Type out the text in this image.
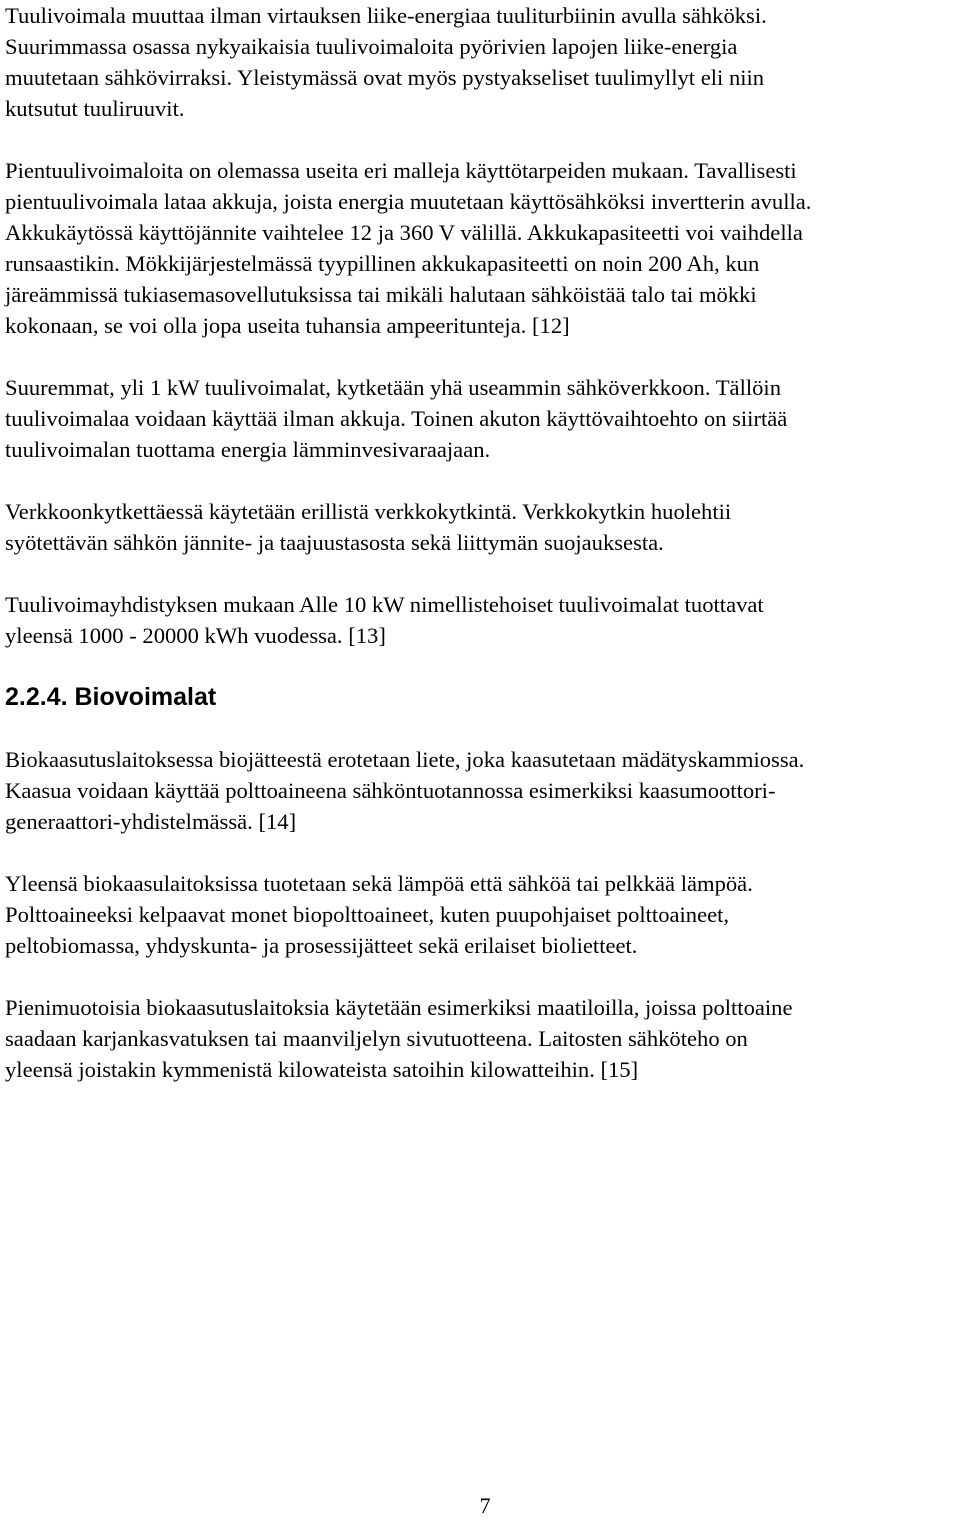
Tuulivoimala muuttaa ilman virtauksen liike-energiaa tuuliturbiinin avulla sähköksi.
Suurimmassa osassa nykyaikaisia tuulivoimaloita pyörivien lapojen liike-energia
muutetaan sähkövirraksi. Yleistymässä ovat myös pystyakseliset tuulimyllyt eli niin
kutsutut tuuliruuvit.
Pientuulivoimaloita on olemassa useita eri malleja käyttötarpeiden mukaan. Tavallisesti
pientuulivoimala lataa akkuja, joista energia muutetaan käyttösähköksi invertterin avulla.
Akkukäytössä käyttöjännite vaihtelee 12 ja 360 V välillä. Akkukapasiteetti voi vaihdella
runsaastikin. Mökkijärjestelmässä tyypillinen akkukapasiteetti on noin 200 Ah, kun
järeämmissä tukiasemasovellutuksissa tai mikäli halutaan sähköistää talo tai mökki
kokonaan, se voi olla jopa useita tuhansia ampeeritunteja. [12]
Suuremmat, yli 1 kW tuulivoimalat, kytketään yhä useammin sähköverkkoon. Tällöin
tuulivoimalaa voidaan käyttää ilman akkuja. Toinen akuton käyttövaihtoehto on siirtää
tuulivoimalan tuottama energia lämminvesivaraajaan.
Verkkoonkytkettäessä käytetään erillistä verkkokytkintä. Verkkokytkin huolehtii
syötettävän sähkön jännite- ja taajuustasosta sekä liittymän suojauksesta.
Tuulivoimayhdistyksen mukaan Alle 10 kW nimellistehoiset tuulivoimalat tuottavat
yleensä 1000 - 20000 kWh vuodessa. [13]
2.2.4. Biovoimalat
Biokaasutuslaitoksessa biojätteestä erotetaan liete, joka kaasutetaan mädätyskammiossa.
Kaasua voidaan käyttää polttoaineena sähköntuotannossa esimerkiksi kaasumoottori-
generaattori-yhdistelmässä. [14]
Yleensä biokaasulaitoksissa tuotetaan sekä lämpöä että sähköä tai pelkkää lämpöä.
Polttoaineeksi kelpaavat monet biopolttoaineet, kuten puupohjaiset polttoaineet,
peltobiomassa, yhdyskunta- ja prosessijätteet sekä erilaiset biolietteet.
Pienimuotoisia biokaasutuslaitoksia käytetään esimerkiksi maatiloilla, joissa polttoaine
saadaan karjankasvatuksen tai maanviljelyn sivutuotteena. Laitosten sähköteho on
yleensä joistakin kymmenistä kilowateista satoihin kilowatteihin. [15]
7
